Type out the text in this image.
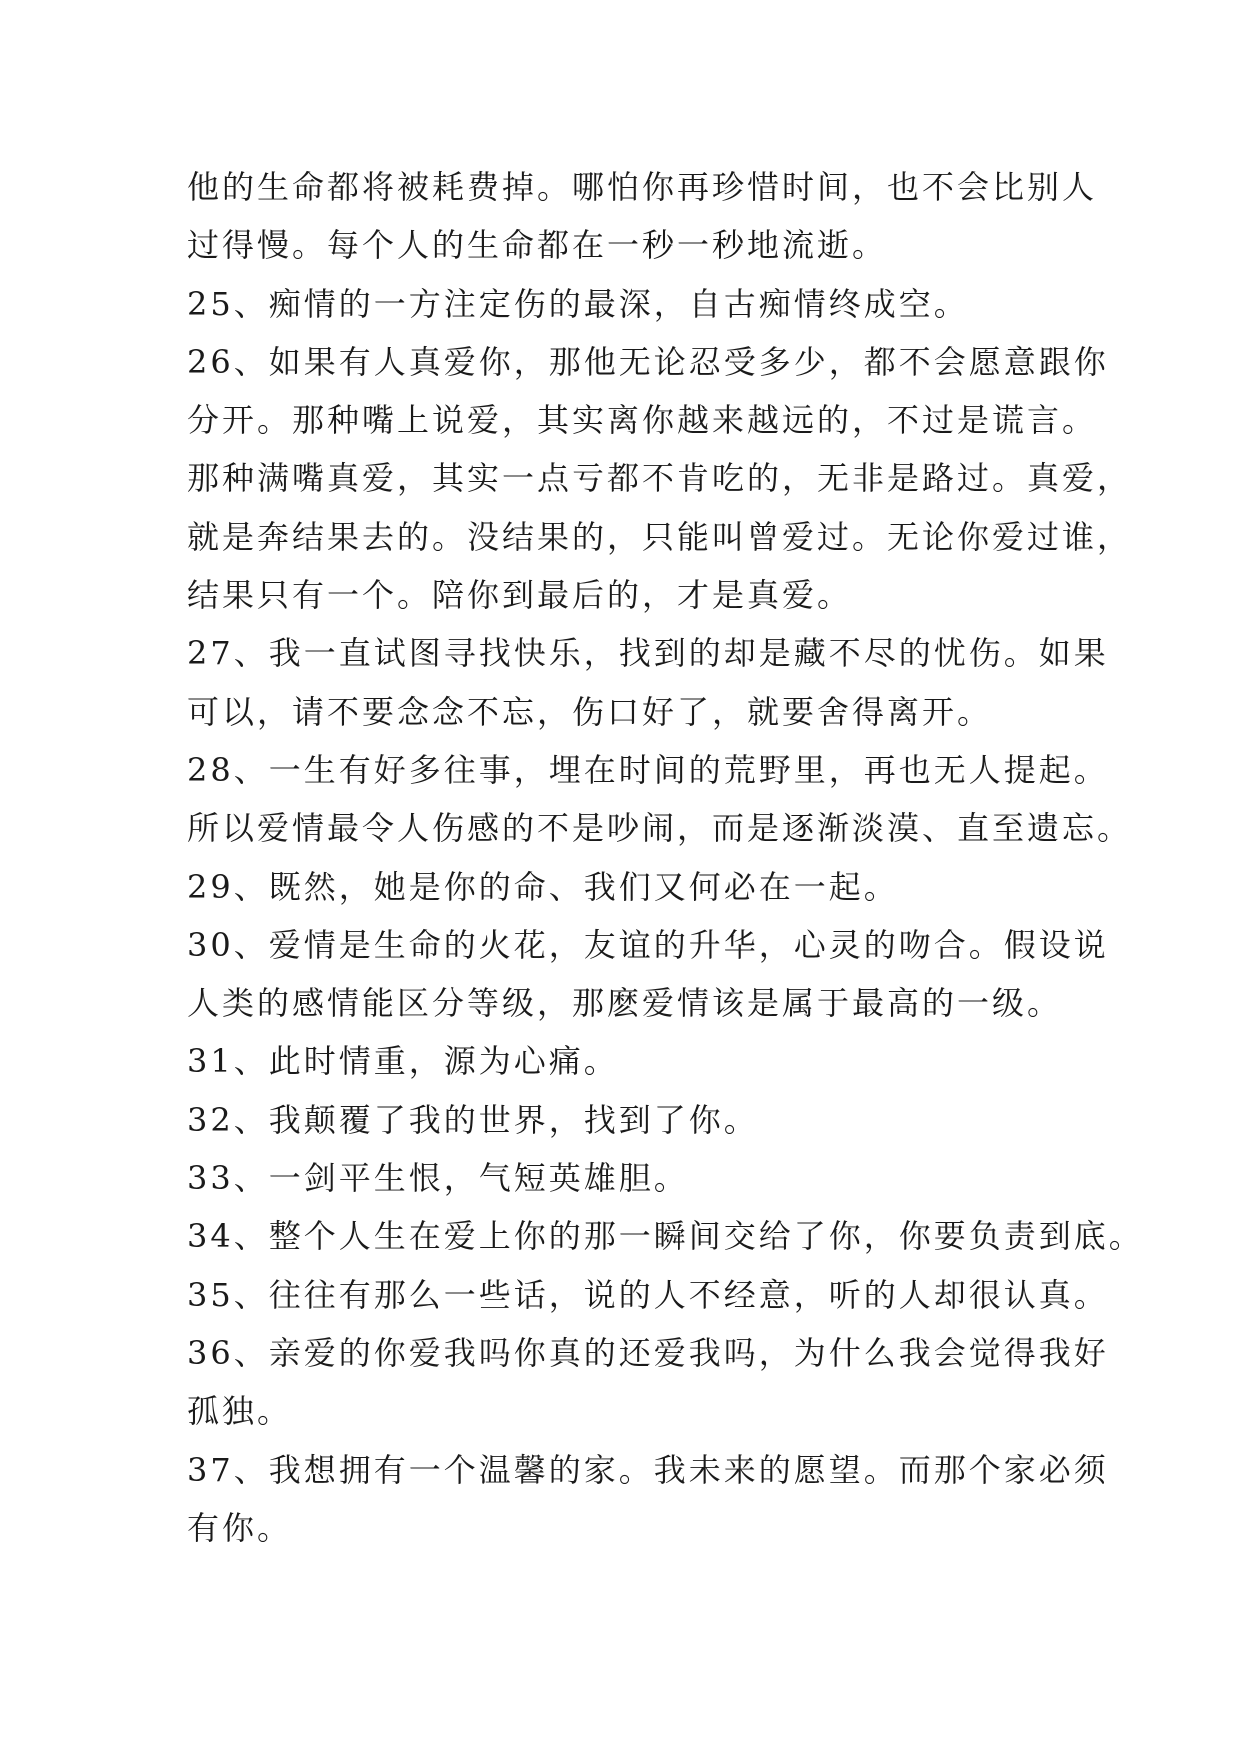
他的生命都将被耗费掉。哪怕你再珍惜时间，也不会比别人
过得慢。每个人的生命都在一秒一秒地流逝。
25、痴情的一方注定伤的最深，自古痴情终成空。
26、如果有人真爱你，那他无论忍受多少，都不会愿意跟你
分开。那种嘴上说爱，其实离你越来越远的，不过是谎言。
那种满嘴真爱，其实一点亏都不肯吃的，无非是路过。真爱，
就是奔结果去的。没结果的，只能叫曾爱过。无论你爱过谁，
结果只有一个。陪你到最后的，才是真爱。
27、我一直试图寻找快乐，找到的却是藏不尽的忧伤。如果
可以，请不要念念不忘，伤口好了，就要舍得离开。
28、一生有好多往事，埋在时间的荒野里，再也无人提起。
所以爱情最令人伤感的不是吵闹，而是逐渐淡漠、直至遗忘。
29、既然，她是你的命、我们又何必在一起。
30、爱情是生命的火花，友谊的升华，心灵的吻合。假设说
人类的感情能区分等级，那麽爱情该是属于最高的一级。
31、此时情重，源为心痛。
32、我颠覆了我的世界，找到了你。
33、一剑平生恨，气短英雄胆。
34、整个人生在爱上你的那一瞬间交给了你，你要负责到底。
35、往往有那么一些话，说的人不经意，听的人却很认真。
36、亲爱的你爱我吗你真的还爱我吗，为什么我会觉得我好
孤独。
37、我想拥有一个温馨的家。我未来的愿望。而那个家必须
有你。
